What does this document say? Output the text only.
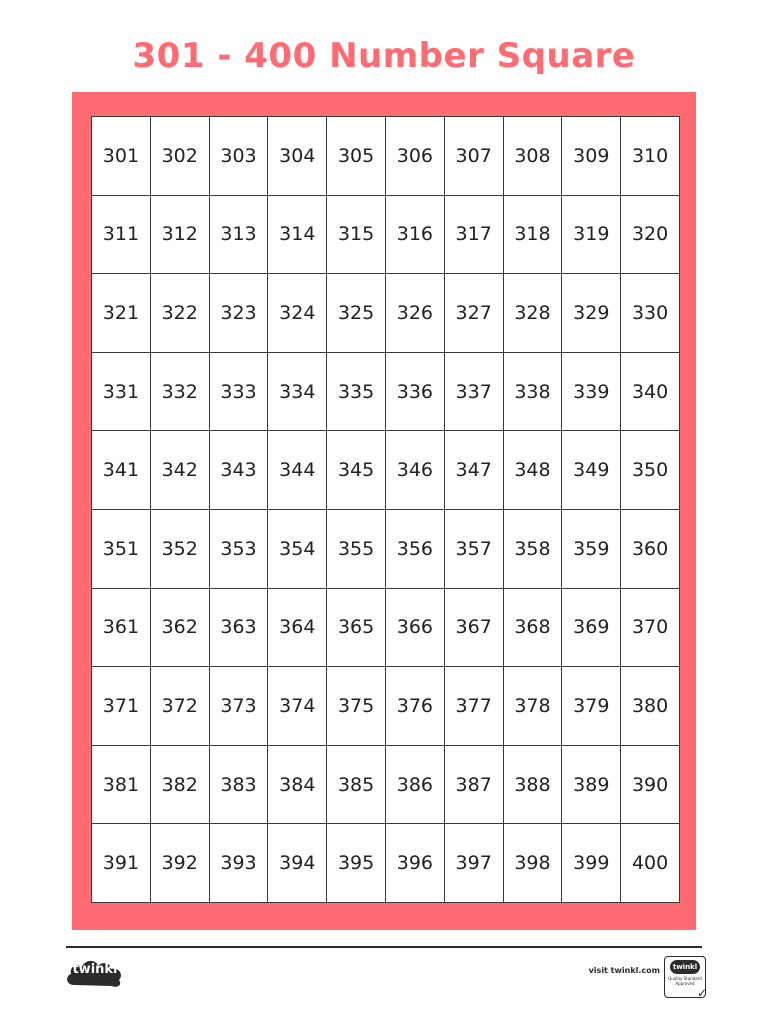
301 - 400 Number Square
301	302	303	304	305	306	307	308	309	310
311	312	313	314	315	316	317	318	319	320
321	322	323	324	325	326	327	328	329	330
331	332	333	334	335	336	337	338	339	340
341	342	343	344	345	346	347	348	349	350
351	352	353	354	355	356	357	358	359	360
361	362	363	364	365	366	367	368	369	370
371	372	373	374	375	376	377	378	379	380
381	382	383	384	385	386	387	388	389	390
391	392	393	394	395	396	397	398	399	400
twinkl	visit twinkl.com	twinkl
Quality Standard Approved
✓
